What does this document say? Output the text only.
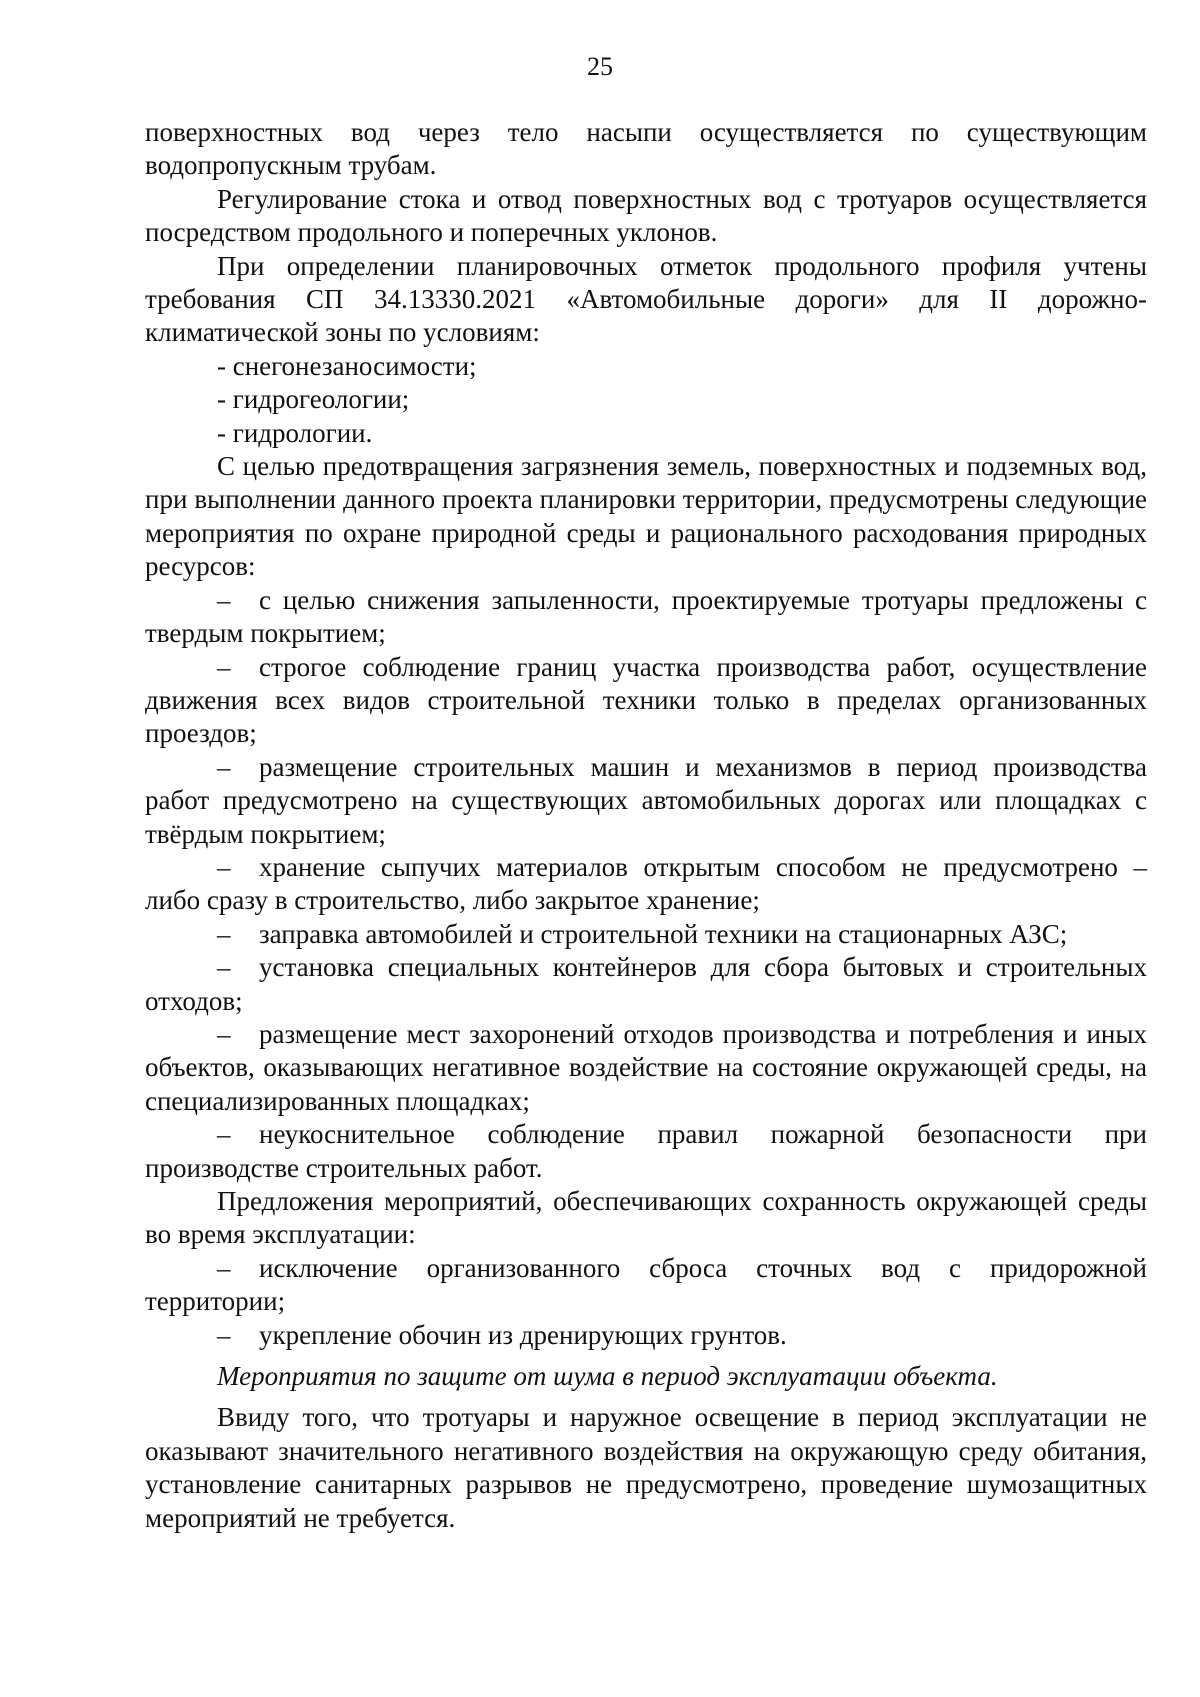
25

поверхностных вод через тело насыпи осуществляется по существующим водопропускным трубам.

Регулирование стока и отвод поверхностных вод с тротуаров осуществляется посредством продольного и поперечных уклонов.

При определении планировочных отметок продольного профиля учтены требования СП 34.13330.2021 «Автомобильные дороги» для II дорожно-климатической зоны по условиям:

- снегонезаносимости;

- гидрогеологии;

- гидрологии.

С целью предотвращения загрязнения земель, поверхностных и подземных вод, при выполнении данного проекта планировки территории, предусмотрены следующие мероприятия по охране природной среды и рационального расходования природных ресурсов:

– с целью снижения запыленности, проектируемые тротуары предложены с твердым покрытием;

– строгое соблюдение границ участка производства работ, осуществление движения всех видов строительной техники только в пределах организованных проездов;

– размещение строительных машин и механизмов в период производства работ предусмотрено на существующих автомобильных дорогах или площадках с твёрдым покрытием;

– хранение сыпучих материалов открытым способом не предусмотрено – либо сразу в строительство, либо закрытое хранение;

– заправка автомобилей и строительной техники на стационарных АЗС;

– установка специальных контейнеров для сбора бытовых и строительных отходов;

– размещение мест захоронений отходов производства и потребления и иных объектов, оказывающих негативное воздействие на состояние окружающей среды, на специализированных площадках;

– неукоснительное соблюдение правил пожарной безопасности при производстве строительных работ.

Предложения мероприятий, обеспечивающих сохранность окружающей среды во время эксплуатации:

– исключение организованного сброса сточных вод с придорожной территории;

– укрепление обочин из дренирующих грунтов.

Мероприятия по защите от шума в период эксплуатации объекта.

Ввиду того, что тротуары и наружное освещение в период эксплуатации не оказывают значительного негативного воздействия на окружающую среду обитания, установление санитарных разрывов не предусмотрено, проведение шумозащитных мероприятий не требуется.
